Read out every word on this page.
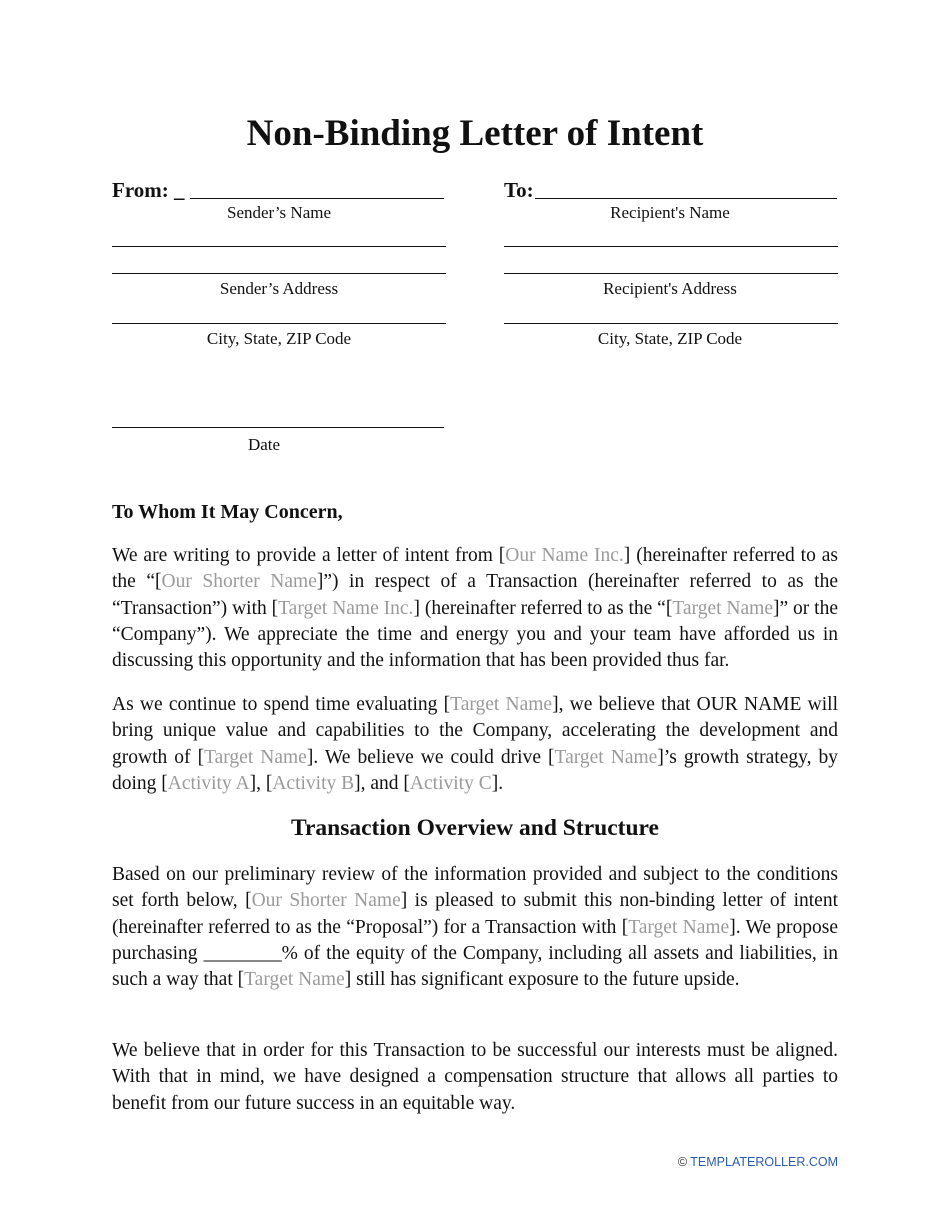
Non-Binding Letter of Intent
From: _
Sender’s Name
Sender’s Address
City, State, ZIP Code
To:
Recipient's Name
Recipient's Address
City, State, ZIP Code
Date
To Whom It May Concern,
We are writing to provide a letter of intent from [Our Name Inc.] (hereinafter referred to as the “[Our Shorter Name]”) in respect of a Transaction (hereinafter referred to as the “Transaction”) with [Target Name Inc.] (hereinafter referred to as the “[Target Name]” or the “Company”). We appreciate the time and energy you and your team have afforded us in discussing this opportunity and the information that has been provided thus far.
As we continue to spend time evaluating [Target Name], we believe that OUR NAME will bring unique value and capabilities to the Company, accelerating the development and growth of [Target Name]. We believe we could drive [Target Name]’s growth strategy, by doing [Activity A], [Activity B], and [Activity C].
Transaction Overview and Structure
Based on our preliminary review of the information provided and subject to the conditions set forth below, [Our Shorter Name] is pleased to submit this non-binding letter of intent (hereinafter referred to as the “Proposal”) for a Transaction with [Target Name]. We propose purchasing ________% of the equity of the Company, including all assets and liabilities, in such a way that [Target Name] still has significant exposure to the future upside.
We believe that in order for this Transaction to be successful our interests must be aligned. With that in mind, we have designed a compensation structure that allows all parties to benefit from our future success in an equitable way.
© TEMPLATEROLLER.COM
